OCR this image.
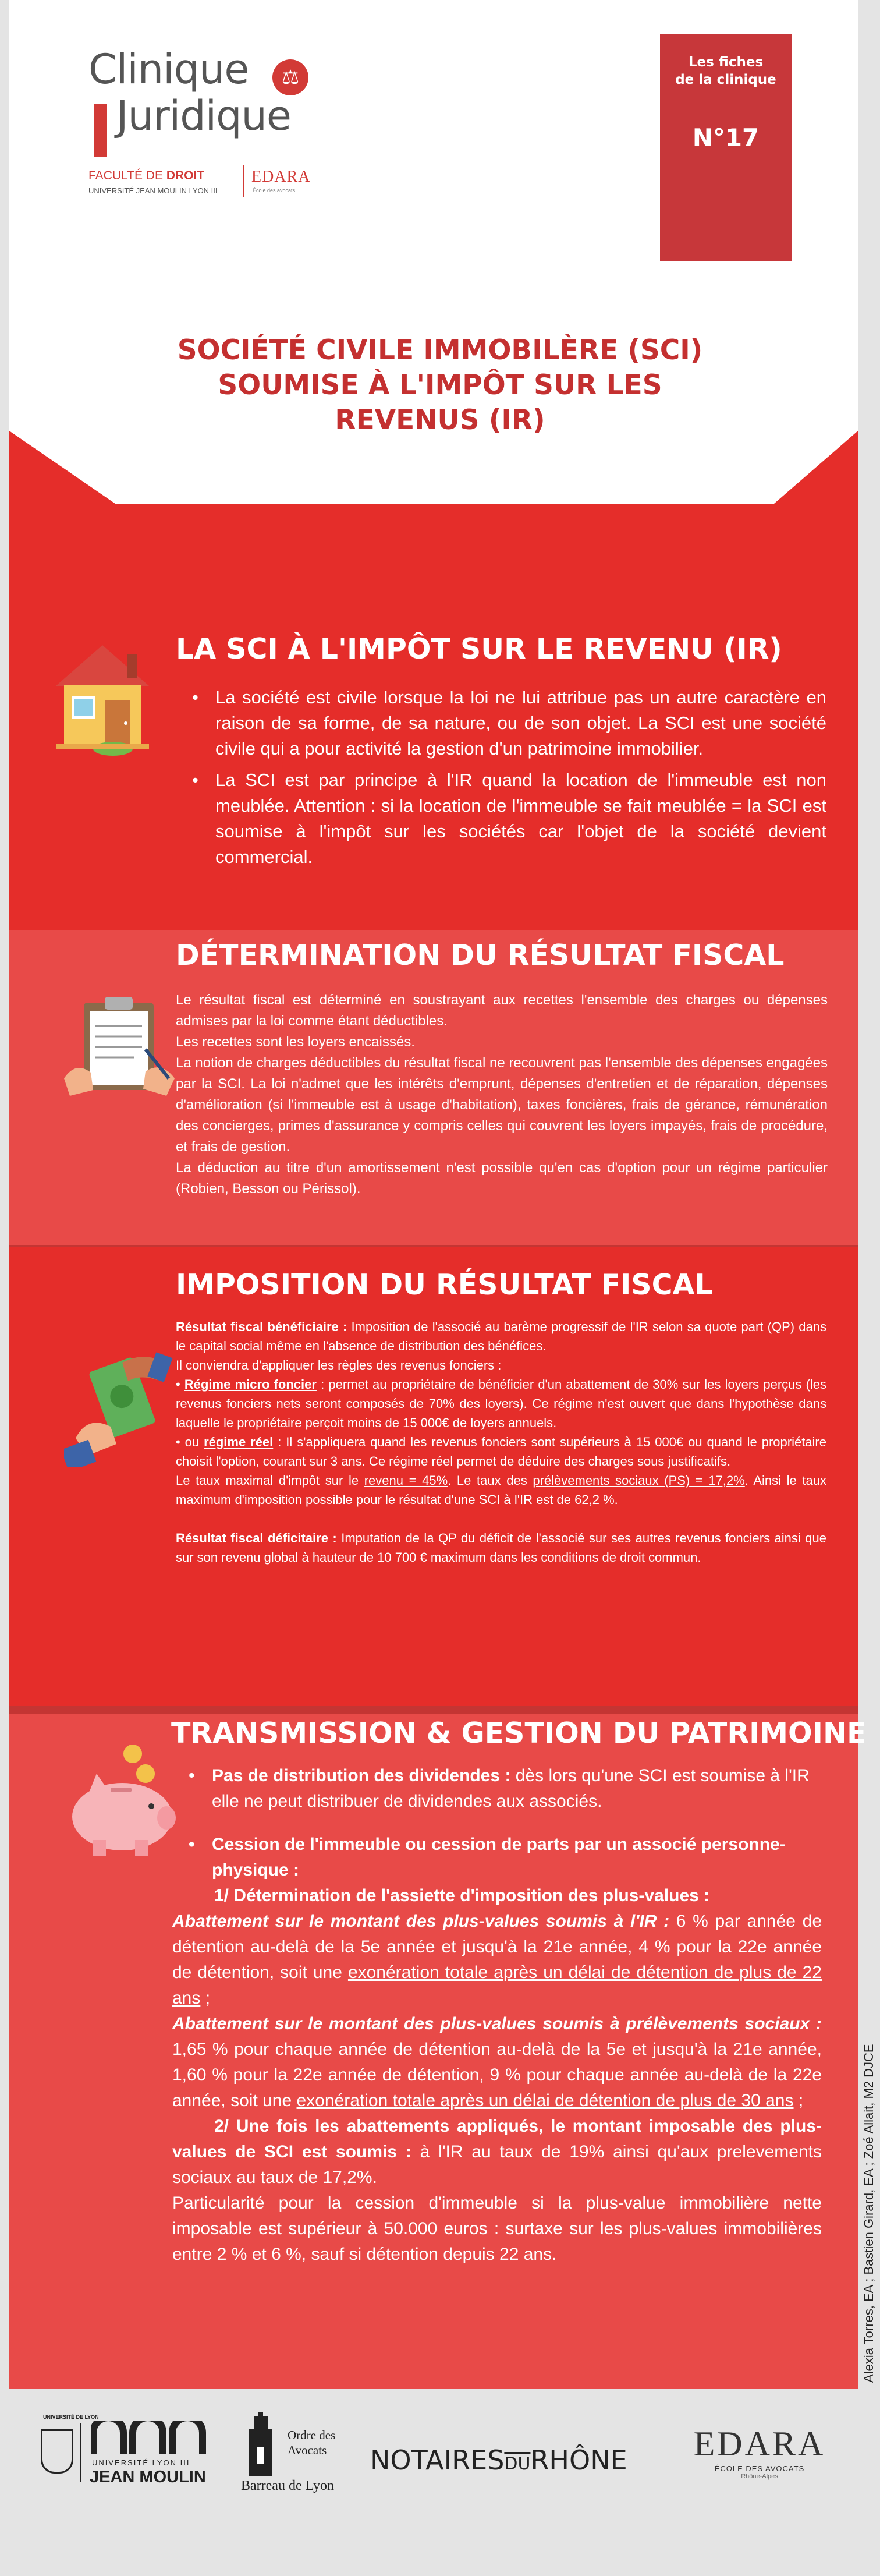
Clinique	⚖
Juridique
FACULTÉ DE DROIT
UNIVERSITÉ JEAN MOULIN LYON III
EDARA
École des avocats
Les fiches
de la clinique
N°17
SOCIÉTÉ CIVILE IMMOBILÈRE (SCI)
SOUMISE À L'IMPÔT SUR LES
REVENUS (IR)
LA SCI À L'IMPÔT SUR LE REVENU (IR)
• La société est civile lorsque la loi ne lui attribue pas un autre caractère en raison de sa forme, de sa nature, ou de son objet. La SCI est une société civile qui a pour activité la gestion d'un patrimoine immobilier.
• La SCI est par principe à l'IR quand la location de l'immeuble est non meublée. Attention : si la location de l'immeuble se fait meublée = la SCI est soumise à l'impôt sur les sociétés car l'objet de la société devient commercial.
DÉTERMINATION DU RÉSULTAT FISCAL

Le résultat fiscal est déterminé en soustrayant aux recettes l'ensemble des charges ou dépenses admises par la loi comme étant déductibles.

Les recettes sont les loyers encaissés.

La notion de charges déductibles du résultat fiscal ne recouvrent pas l'ensemble des dépenses engagées par la SCI. La loi n'admet que les intérêts d'emprunt, dépenses d'entretien et de réparation, dépenses d'amélioration (si l'immeuble est à usage d'habitation), taxes foncières, frais de gérance, rémunération des concierges, primes d'assurance y compris celles qui couvrent les loyers impayés, frais de procédure, et frais de gestion.

La déduction au titre d'un amortissement n'est possible qu'en cas d'option pour un régime particulier (Robien, Besson ou Périssol).

IMPOSITION DU RÉSULTAT FISCAL

Résultat fiscal bénéficiaire : Imposition de l'associé au barème progressif de l'IR selon sa quote part (QP) dans le capital social même en l'absence de distribution des bénéfices.

Il conviendra d'appliquer les règles des revenus fonciers :

• Régime micro foncier : permet au propriétaire de bénéficier d'un abattement de 30% sur les loyers perçus (les revenus fonciers nets seront composés de 70% des loyers). Ce régime n'est ouvert que dans l'hypothèse dans laquelle le propriétaire perçoit moins de 15 000€ de loyers annuels.

• ou régime réel : Il s'appliquera quand les revenus fonciers sont supérieurs à 15 000€ ou quand le propriétaire choisit l'option, courant sur 3 ans. Ce régime réel permet de déduire des charges sous justificatifs.

Le taux maximal d'impôt sur le revenu = 45%. Le taux des prélèvements sociaux (PS) = 17,2%. Ainsi le taux maximum d'imposition possible pour le résultat d'une SCI à l'IR est de 62,2 %.

Résultat fiscal déficitaire : Imputation de la QP du déficit de l'associé sur ses autres revenus fonciers ainsi que sur son revenu global à hauteur de 10 700 € maximum dans les conditions de droit commun.

TRANSMISSION & GESTION DU PATRIMOINE
• Pas de distribution des dividendes : dès lors qu'une SCI est soumise à l'IR elle ne peut distribuer de dividendes aux associés.
• Cession de l'immeuble ou cession de parts par un associé personne-physique :

1/ Détermination de l'assiette d'imposition des plus-values :

Abattement sur le montant des plus-values soumis à l'IR : 6 % par année de détention au-delà de la 5e année et jusqu'à la 21e année, 4 % pour la 22e année de détention, soit une exonération totale après un délai de détention de plus de 22 ans ;

Abattement sur le montant des plus-values soumis à prélèvements sociaux : 1,65 % pour chaque année de détention au-delà de la 5e et jusqu'à la 21e année, 1,60 % pour la 22e année de détention, 9 % pour chaque année au-delà de la 22e année, soit une exonération totale après un délai de détention de plus de 30 ans ;

2/ Une fois les abattements appliqués, le montant imposable des plus-values de SCI est soumis : à l'IR au taux de 19% ainsi qu'aux prelevements sociaux au taux de 17,2%.

Particularité pour la cession d'immeuble si la plus-value immobilière nette imposable est supérieur à 50.000 euros : surtaxe sur les plus-values immobilières entre 2 % et 6 %, sauf si détention depuis 22 ans.

UNIVERSITÉ DE LYON
UNIVERSITÉ LYON III
JEAN MOULIN
Ordre des
Avocats
Barreau de Lyon
$NOTAIRES\overline{DU}RHÔNE$	EDARA
ÉCOLE DES AVOCATS
Rhône-Alpes
